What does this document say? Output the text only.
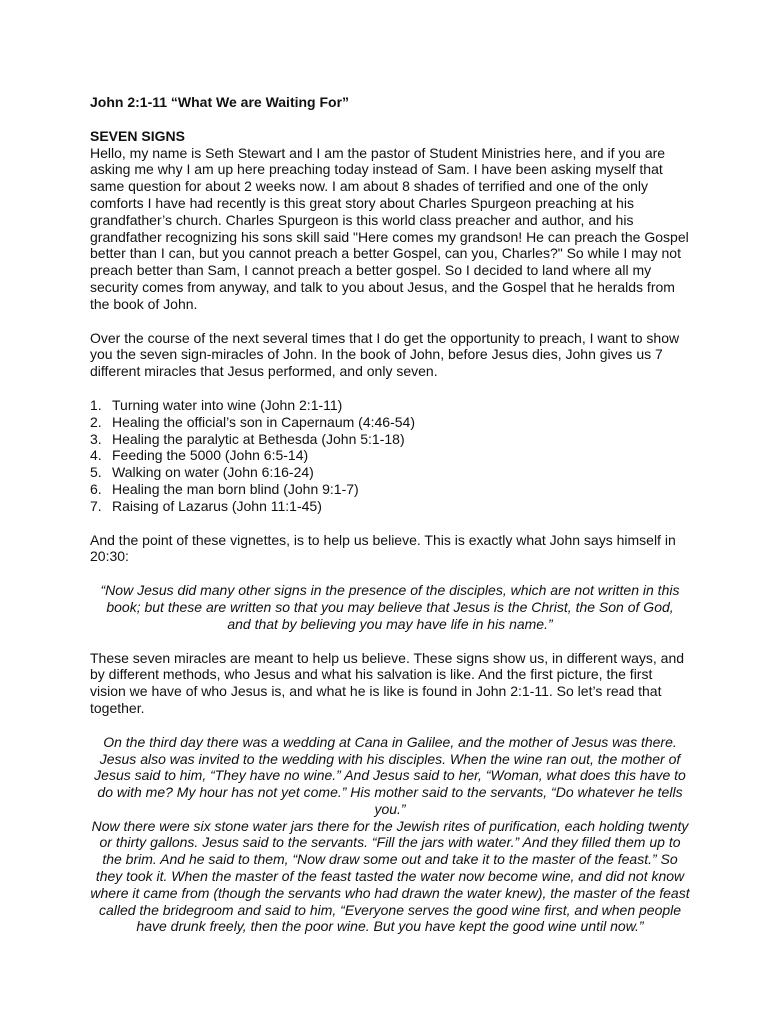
John 2:1-11 “What We are Waiting For”

SEVEN SIGNS

Hello, my name is Seth Stewart and I am the pastor of Student Ministries here, and if you are asking me why I am up here preaching today instead of Sam. I have been asking myself that same question for about 2 weeks now. I am about 8 shades of terrified and one of the only comforts I have had recently is this great story about Charles Spurgeon preaching at his grandfather’s church. Charles Spurgeon is this world class preacher and author, and his grandfather recognizing his sons skill said "Here comes my grandson! He can preach the Gospel better than I can, but you cannot preach a better Gospel, can you, Charles?" So while I may not preach better than Sam, I cannot preach a better gospel. So I decided to land where all my security comes from anyway, and talk to you about Jesus, and the Gospel that he heralds from the book of John.

Over the course of the next several times that I do get the opportunity to preach, I want to show you the seven sign-miracles of John. In the book of John, before Jesus dies, John gives us 7 different miracles that Jesus performed, and only seven.

1. Turning water into wine (John 2:1-11)
2. Healing the official’s son in Capernaum (4:46-54)
3. Healing the paralytic at Bethesda (John 5:1-18)
4. Feeding the 5000 (John 6:5-14)
5. Walking on water (John 6:16-24)
6. Healing the man born blind (John 9:1-7)
7. Raising of Lazarus (John 11:1-45)

And the point of these vignettes, is to help us believe. This is exactly what John says himself in 20:30:

“Now Jesus did many other signs in the presence of the disciples, which are not written in this book; but these are written so that you may believe that Jesus is the Christ, the Son of God, and that by believing you may have life in his name.”

These seven miracles are meant to help us believe. These signs show us, in different ways, and by different methods, who Jesus and what his salvation is like. And the first picture, the first vision we have of who Jesus is, and what he is like is found in John 2:1-11. So let’s read that together.

On the third day there was a wedding at Cana in Galilee, and the mother of Jesus was there. Jesus also was invited to the wedding with his disciples. When the wine ran out, the mother of Jesus said to him, “They have no wine.” And Jesus said to her, “Woman, what does this have to do with me? My hour has not yet come.” His mother said to the servants, “Do whatever he tells you.”

Now there were six stone water jars there for the Jewish rites of purification, each holding twenty or thirty gallons. Jesus said to the servants. “Fill the jars with water.” And they filled them up to the brim. And he said to them, “Now draw some out and take it to the master of the feast.” So they took it. When the master of the feast tasted the water now become wine, and did not know where it came from (though the servants who had drawn the water knew), the master of the feast called the bridegroom and said to him, “Everyone serves the good wine first, and when people have drunk freely, then the poor wine. But you have kept the good wine until now.”
